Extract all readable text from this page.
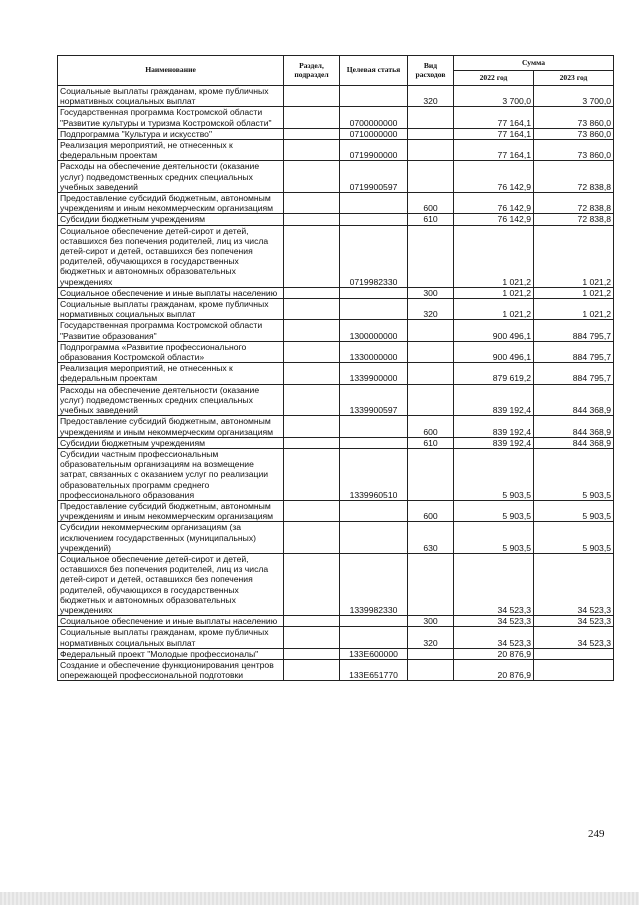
Наименование	Раздел, подраздел	Целевая статья	Вид расходов	Сумма	
				2022 год	2023 год
Социальные выплаты гражданам, кроме публичных нормативных социальных выплат			320	3 700,0	3 700,0
Государственная программа Костромской области "Развитие культуры и туризма Костромской области"		0700000000		77 164,1	73 860,0
Подпрограмма "Культура и искусство"		0710000000		77 164,1	73 860,0
Реализация мероприятий, не отнесенных к федеральным проектам		0719900000		77 164,1	73 860,0
Расходы на обеспечение деятельности (оказание услуг) подведомственных средних специальных учебных заведений		0719900597		76 142,9	72 838,8
Предоставление субсидий бюджетным, автономным учреждениям и иным некоммерческим организациям			600	76 142,9	72 838,8
Субсидии бюджетным учреждениям			610	76 142,9	72 838,8
Социальное обеспечение детей-сирот и детей, оставшихся без попечения родителей, лиц из числа детей-сирот и детей, оставшихся без попечения родителей, обучающихся в государственных бюджетных и автономных образовательных учреждениях		0719982330		1 021,2	1 021,2
Социальное обеспечение и иные выплаты населению			300	1 021,2	1 021,2
Социальные выплаты гражданам, кроме публичных нормативных социальных выплат			320	1 021,2	1 021,2
Государственная программа Костромской области "Развитие образования"		1300000000		900 496,1	884 795,7
Подпрограмма «Развитие профессионального образования Костромской области»		1330000000		900 496,1	884 795,7
Реализация мероприятий, не отнесенных к федеральным проектам		1339900000		879 619,2	884 795,7
Расходы на обеспечение деятельности (оказание услуг) подведомственных средних специальных учебных заведений		1339900597		839 192,4	844 368,9
Предоставление субсидий бюджетным, автономным учреждениям и иным некоммерческим организациям			600	839 192,4	844 368,9
Субсидии бюджетным учреждениям			610	839 192,4	844 368,9
Субсидии частным профессиональным образовательным организациям на возмещение затрат, связанных с оказанием услуг по реализации образовательных программ среднего профессионального образования		1339960510		5 903,5	5 903,5
Предоставление субсидий бюджетным, автономным учреждениям и иным некоммерческим организациям			600	5 903,5	5 903,5
Субсидии некоммерческим организациям (за исключением государственных (муниципальных) учреждений)			630	5 903,5	5 903,5
Социальное обеспечение детей-сирот и детей, оставшихся без попечения родителей, лиц из числа детей-сирот и детей, оставшихся без попечения родителей, обучающихся в государственных бюджетных и автономных образовательных учреждениях		1339982330		34 523,3	34 523,3
Социальное обеспечение и иные выплаты населению			300	34 523,3	34 523,3
Социальные выплаты гражданам, кроме публичных нормативных социальных выплат			320	34 523,3	34 523,3
Федеральный проект "Молодые профессионалы"		133E600000		20 876,9	
Создание и обеспечение функционирования центров опережающей профессиональной подготовки		133E651770		20 876,9	
249
